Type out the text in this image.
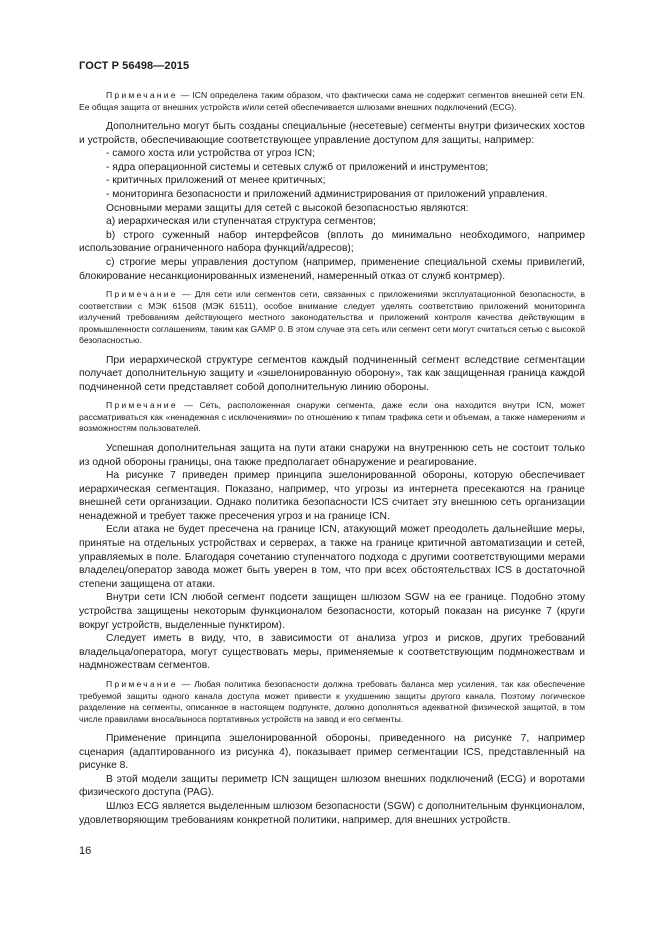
ГОСТ Р 56498—2015

Примечание — ICN определена таким образом, что фактически сама не содержит сегментов внешней сети EN. Ее общая защита от внешних устройств и/или сетей обеспечивается шлюзами внешних подключений (ECG).

Дополнительно могут быть созданы специальные (несетевые) сегменты внутри физических хостов и устройств, обеспечивающие соответствующее управление доступом для защиты, например:

- самого хоста или устройства от угроз ICN;

- ядра операционной системы и сетевых служб от приложений и инструментов;

- критичных приложений от менее критичных;

- мониторинга безопасности и приложений администрирования от приложений управления.

Основными мерами защиты для сетей с высокой безопасностью являются:

a) иерархическая или ступенчатая структура сегментов;

b) строго суженный набор интерфейсов (вплоть до минимально необходимого, например использование ограниченного набора функций/адресов);

c) строгие меры управления доступом (например, применение специальной схемы привилегий, блокирование несанкционированных изменений, намеренный отказ от служб контрмер).

Примечание — Для сети или сегментов сети, связанных с приложениями эксплуатационной безопасности, в соответствии с МЭК 61508 (МЭК 61511), особое внимание следует уделять соответствию приложений мониторинга излучений требованиям действующего местного законодательства и приложений контроля качества действующим в промышленности соглашениям, таким как GAMP 0. В этом случае эта сеть или сегмент сети могут считаться сетью с высокой безопасностью.

При иерархической структуре сегментов каждый подчиненный сегмент вследствие сегментации получает дополнительную защиту и «эшелонированную оборону», так как защищенная граница каждой подчиненной сети представляет собой дополнительную линию обороны.

Примечание — Сеть, расположенная снаружи сегмента, даже если она находится внутри ICN, может рассматриваться как «ненадежная с исключениями» по отношению к типам трафика сети и объемам, а также намерениям и возможностям пользователей.

Успешная дополнительная защита на пути атаки снаружи на внутреннюю сеть не состоит только из одной обороны границы, она также предполагает обнаружение и реагирование.

На рисунке 7 приведен пример принципа эшелонированной обороны, которую обеспечивает иерархическая сегментация. Показано, например, что угрозы из интернета пресекаются на границе внешней сети организации. Однако политика безопасности ICS считает эту внешнюю сеть организации ненадежной и требует также пресечения угроз и на границе ICN.

Если атака не будет пресечена на границе ICN, атакующий может преодолеть дальнейшие меры, принятые на отдельных устройствах и серверах, а также на границе критичной автоматизации и сетей, управляемых в поле. Благодаря сочетанию ступенчатого подхода с другими соответствующими мерами владелец/оператор завода может быть уверен в том, что при всех обстоятельствах ICS в достаточной степени защищена от атаки.

Внутри сети ICN любой сегмент подсети защищен шлюзом SGW на ее границе. Подобно этому устройства защищены некоторым функционалом безопасности, который показан на рисунке 7 (круги вокруг устройств, выделенные пунктиром).

Следует иметь в виду, что, в зависимости от анализа угроз и рисков, других требований владельца/оператора, могут существовать меры, применяемые к соответствующим подмножествам и надмножествам сегментов.

Примечание — Любая политика безопасности должна требовать баланса мер усиления, так как обеспечение требуемой защиты одного канала доступа может привести к ухудшению защиты другого канала. Поэтому логическое разделение на сегменты, описанное в настоящем подпункте, должно дополняться адекватной физической защитой, в том числе правилами вноса/выноса портативных устройств на завод и его сегменты.

Применение принципа эшелонированной обороны, приведенного на рисунке 7, например сценария (адаптированного из рисунка 4), показывает пример сегментации ICS, представленный на рисунке 8.

В этой модели защиты периметр ICN защищен шлюзом внешних подключений (ECG) и воротами физического доступа (PAG).

Шлюз ECG является выделенным шлюзом безопасности (SGW) с дополнительным функционалом, удовлетворяющим требованиям конкретной политики, например, для внешних устройств.

16
